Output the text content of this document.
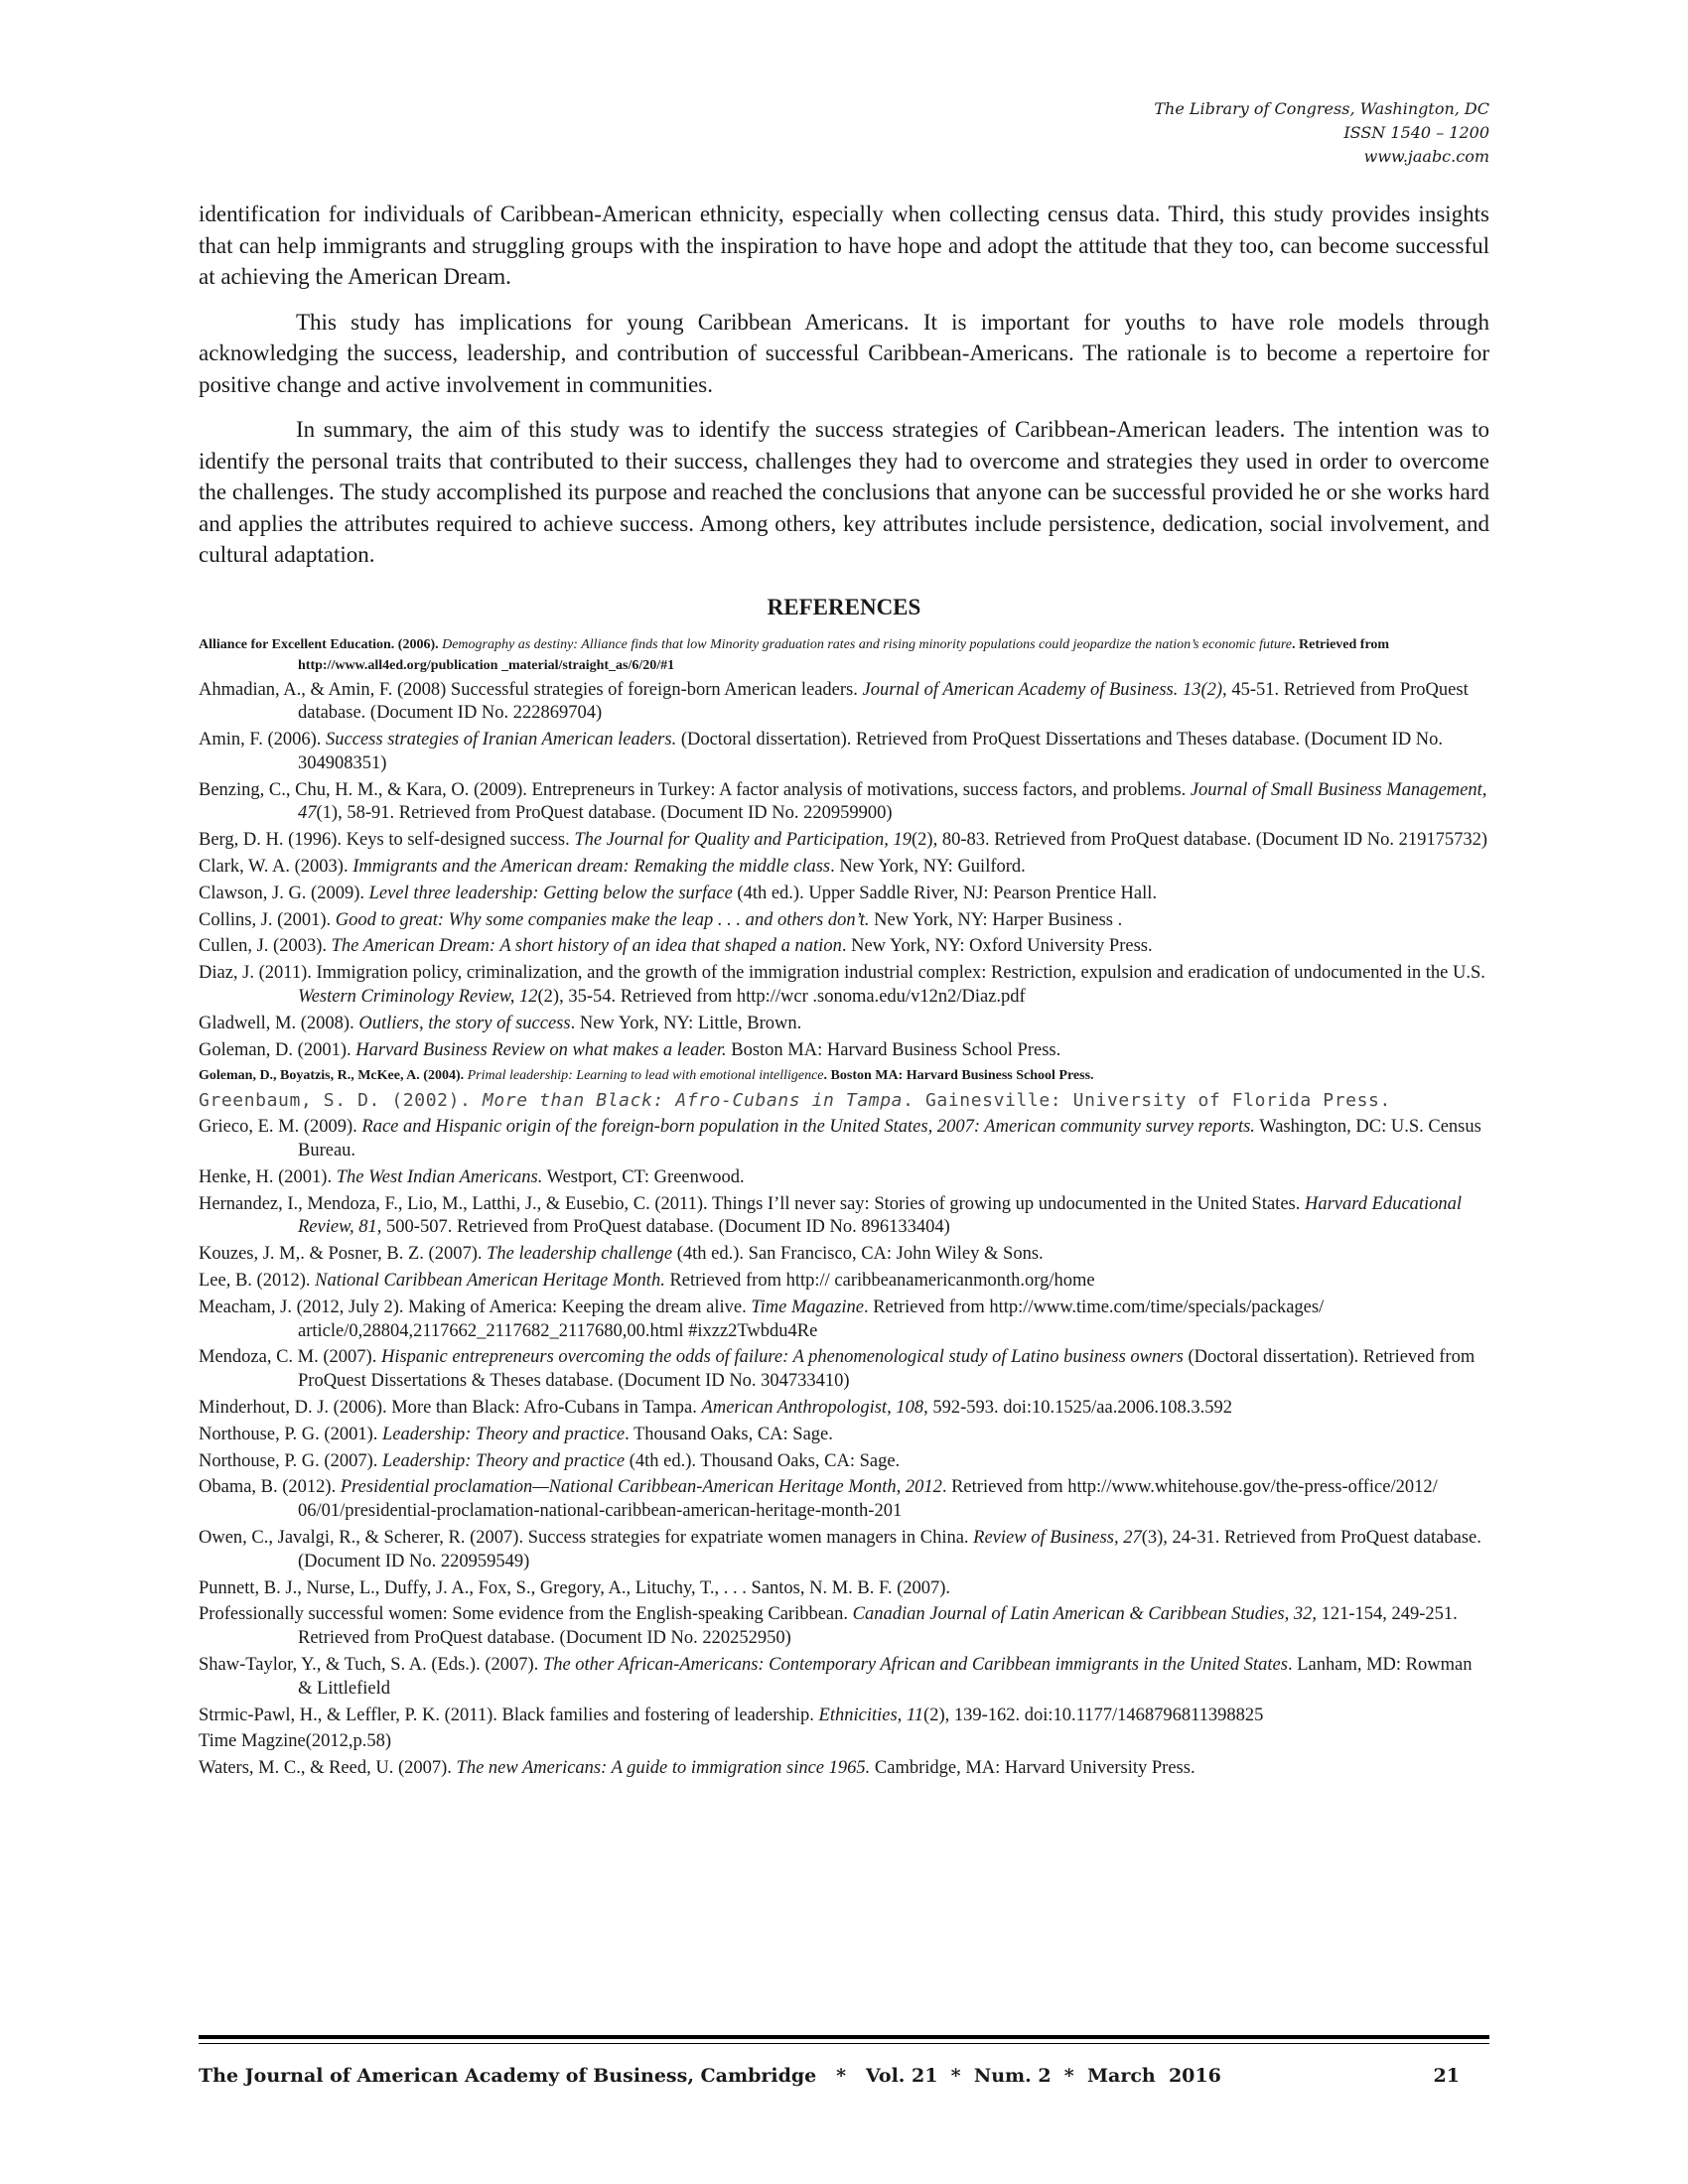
The Library of Congress, Washington, DC
ISSN 1540 – 1200
www.jaabc.com

identification for individuals of Caribbean-American ethnicity, especially when collecting census data. Third, this study provides insights that can help immigrants and struggling groups with the inspiration to have hope and adopt the attitude that they too, can become successful at achieving the American Dream.

This study has implications for young Caribbean Americans. It is important for youths to have role models through acknowledging the success, leadership, and contribution of successful Caribbean-Americans. The rationale is to become a repertoire for positive change and active involvement in communities.

In summary, the aim of this study was to identify the success strategies of Caribbean-American leaders. The intention was to identify the personal traits that contributed to their success, challenges they had to overcome and strategies they used in order to overcome the challenges. The study accomplished its purpose and reached the conclusions that anyone can be successful provided he or she works hard and applies the attributes required to achieve success. Among others, key attributes include persistence, dedication, social involvement, and cultural adaptation.

REFERENCES
Alliance for Excellent Education. (2006). Demography as destiny: Alliance finds that low Minority graduation rates and rising minority populations could jeopardize the nation’s economic future. Retrieved from http://www.all4ed.org/publication _material/straight_as/6/20/#1
Ahmadian, A., & Amin, F. (2008) Successful strategies of foreign-born American leaders. Journal of American Academy of Business. 13(2), 45-51. Retrieved from ProQuest database. (Document ID No. 222869704)
Amin, F. (2006). Success strategies of Iranian American leaders. (Doctoral dissertation). Retrieved from ProQuest Dissertations and Theses database. (Document ID No. 304908351)
Benzing, C., Chu, H. M., & Kara, O. (2009). Entrepreneurs in Turkey: A factor analysis of motivations, success factors, and problems. Journal of Small Business Management, 47(1), 58-91. Retrieved from ProQuest database. (Document ID No. 220959900)
Berg, D. H. (1996). Keys to self-designed success. The Journal for Quality and Participation, 19(2), 80-83. Retrieved from ProQuest database. (Document ID No. 219175732)
Clark, W. A. (2003). Immigrants and the American dream: Remaking the middle class. New York, NY: Guilford.
Clawson, J. G. (2009). Level three leadership: Getting below the surface (4th ed.). Upper Saddle River, NJ: Pearson Prentice Hall.
Collins, J. (2001). Good to great: Why some companies make the leap . . . and others don’t. New York, NY: Harper Business .
Cullen, J. (2003). The American Dream: A short history of an idea that shaped a nation. New York, NY: Oxford University Press.
Diaz, J. (2011). Immigration policy, criminalization, and the growth of the immigration industrial complex: Restriction, expulsion and eradication of undocumented in the U.S. Western Criminology Review, 12(2), 35-54. Retrieved from http://wcr .sonoma.edu/v12n2/Diaz.pdf
Gladwell, M. (2008). Outliers, the story of success. New York, NY: Little, Brown.
Goleman, D. (2001). Harvard Business Review on what makes a leader. Boston MA: Harvard Business School Press.
Goleman, D., Boyatzis, R., McKee, A. (2004). Primal leadership: Learning to lead with emotional intelligence. Boston MA: Harvard Business School Press.
Greenbaum, S. D. (2002). More than Black: Afro-Cubans in Tampa. Gainesville: University of Florida Press.
Grieco, E. M. (2009). Race and Hispanic origin of the foreign-born population in the United States, 2007: American community survey reports. Washington, DC: U.S. Census Bureau.
Henke, H. (2001). The West Indian Americans. Westport, CT: Greenwood.
Hernandez, I., Mendoza, F., Lio, M., Latthi, J., & Eusebio, C. (2011). Things I’ll never say: Stories of growing up undocumented in the United States. Harvard Educational Review, 81, 500-507. Retrieved from ProQuest database. (Document ID No. 896133404)
Kouzes, J. M,. & Posner, B. Z. (2007). The leadership challenge (4th ed.). San Francisco, CA: John Wiley & Sons.
Lee, B. (2012). National Caribbean American Heritage Month. Retrieved from http:// caribbeanamericanmonth.org/home
Meacham, J. (2012, July 2). Making of America: Keeping the dream alive. Time Magazine. Retrieved from http://www.time.com/time/specials/packages/ article/0,28804,2117662_2117682_2117680,00.html #ixzz2Twbdu4Re
Mendoza, C. M. (2007). Hispanic entrepreneurs overcoming the odds of failure: A phenomenological study of Latino business owners (Doctoral dissertation). Retrieved from ProQuest Dissertations & Theses database. (Document ID No. 304733410)
Minderhout, D. J. (2006). More than Black: Afro-Cubans in Tampa. American Anthropologist, 108, 592-593. doi:10.1525/aa.2006.108.3.592
Northouse, P. G. (2001). Leadership: Theory and practice. Thousand Oaks, CA: Sage.
Northouse, P. G. (2007). Leadership: Theory and practice (4th ed.). Thousand Oaks, CA: Sage.
Obama, B. (2012). Presidential proclamation—National Caribbean-American Heritage Month, 2012. Retrieved from http://www.whitehouse.gov/the-press-office/2012/ 06/01/presidential-proclamation-national-caribbean-american-heritage-month-201
Owen, C., Javalgi, R., & Scherer, R. (2007). Success strategies for expatriate women managers in China. Review of Business, 27(3), 24-31. Retrieved from ProQuest database. (Document ID No. 220959549)
Punnett, B. J., Nurse, L., Duffy, J. A., Fox, S., Gregory, A., Lituchy, T., . . . Santos, N. M. B. F. (2007).
Professionally successful women: Some evidence from the English-speaking Caribbean. Canadian Journal of Latin American & Caribbean Studies, 32, 121-154, 249-251. Retrieved from ProQuest database. (Document ID No. 220252950)
Shaw-Taylor, Y., & Tuch, S. A. (Eds.). (2007). The other African-Americans: Contemporary African and Caribbean immigrants in the United States. Lanham, MD: Rowman & Littlefield
Strmic-Pawl, H., & Leffler, P. K. (2011). Black families and fostering of leadership. Ethnicities, 11(2), 139-162. doi:10.1177/1468796811398825
Time Magzine(2012,p.58)
Waters, M. C., & Reed, U. (2007). The new Americans: A guide to immigration since 1965. Cambridge, MA: Harvard University Press.
The Journal of American Academy of Business, Cambridge   *   Vol. 21  *  Num. 2  *  March  2016	21
